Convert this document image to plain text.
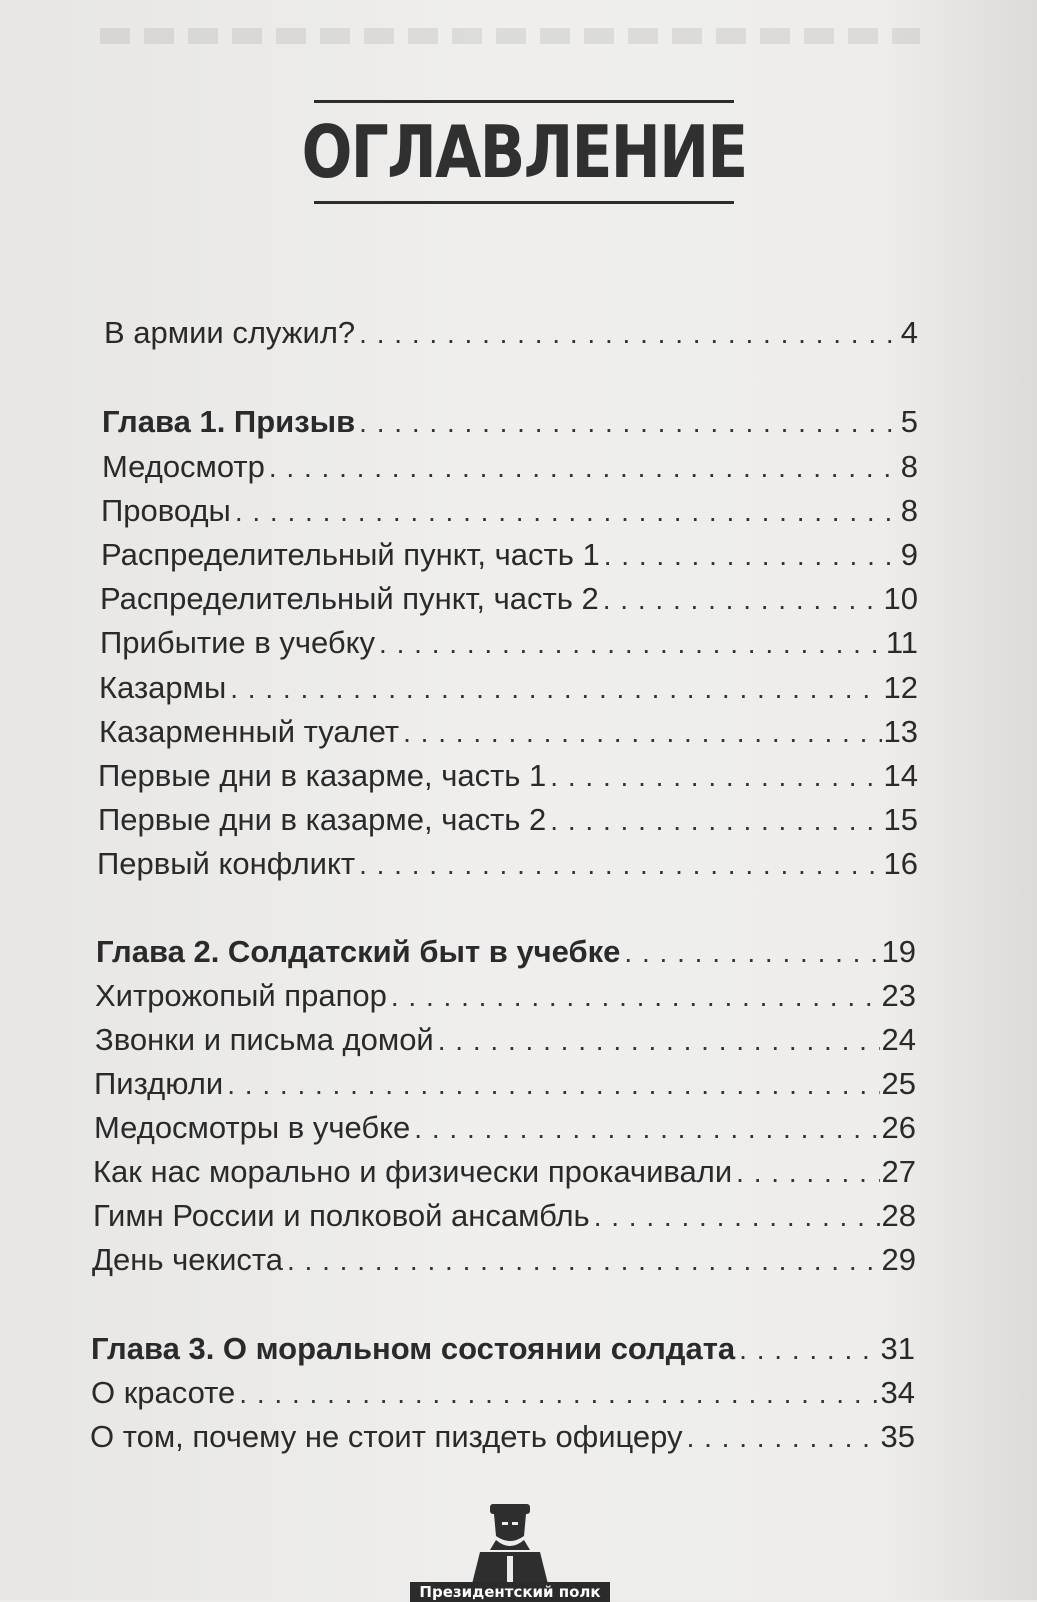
ОГЛАВЛЕНИЕ
В армии служил? . . .	4
Глава 1. Призыв . . .	5
Медосмотр . . .	8
Проводы . . .	8
Распределительный пункт, часть 1 . . .	9
Распределительный пункт, часть 2 . . .	10
Прибытие в учебку . . .	11
Казармы . . .	12
Казарменный туалет . . .	13
Первые дни в казарме, часть 1 . . .	14
Первые дни в казарме, часть 2 . . .	15
Первый конфликт . . .	16
Глава 2. Солдатский быт в учебке . . .	19
Хитрожопый прапор . . .	23
Звонки и письма домой . . .	24
Пиздюли . . .	25
Медосмотры в учебке . . .	26
Как нас морально и физически прокачивали . . .	27
Гимн России и полковой ансамбль . . .	28
День чекиста . . .	29
Глава 3. О моральном состоянии солдата . . .	31
О красоте . . .	34
О том, почему не стоит пиздеть офицеру . . .	35
Президентский полк
